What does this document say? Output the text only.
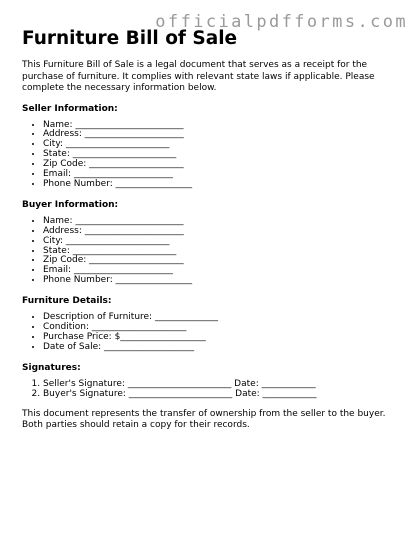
officialpdfforms.com
Furniture Bill of Sale

This Furniture Bill of Sale is a legal document that serves as a receipt for the purchase of furniture. It complies with relevant state laws if applicable. Please complete the necessary information below.

Seller Information:
• Name: ________________________
• Address: ______________________
• City: _______________________
• State: _______________________
• Zip Code: _____________________
• Email: ______________________
• Phone Number: _________________
Buyer Information:
• Name: ________________________
• Address: ______________________
• City: _______________________
• State: _______________________
• Zip Code: _____________________
• Email: ______________________
• Phone Number: _________________
Furniture Details:
• Description of Furniture: ______________
• Condition: _____________________
• Purchase Price: $___________________
• Date of Sale: ____________________
Signatures:
1. Seller's Signature: _______________________ Date: ____________
2. Buyer's Signature: _______________________ Date: ____________

This document represents the transfer of ownership from the seller to the buyer. Both parties should retain a copy for their records.
